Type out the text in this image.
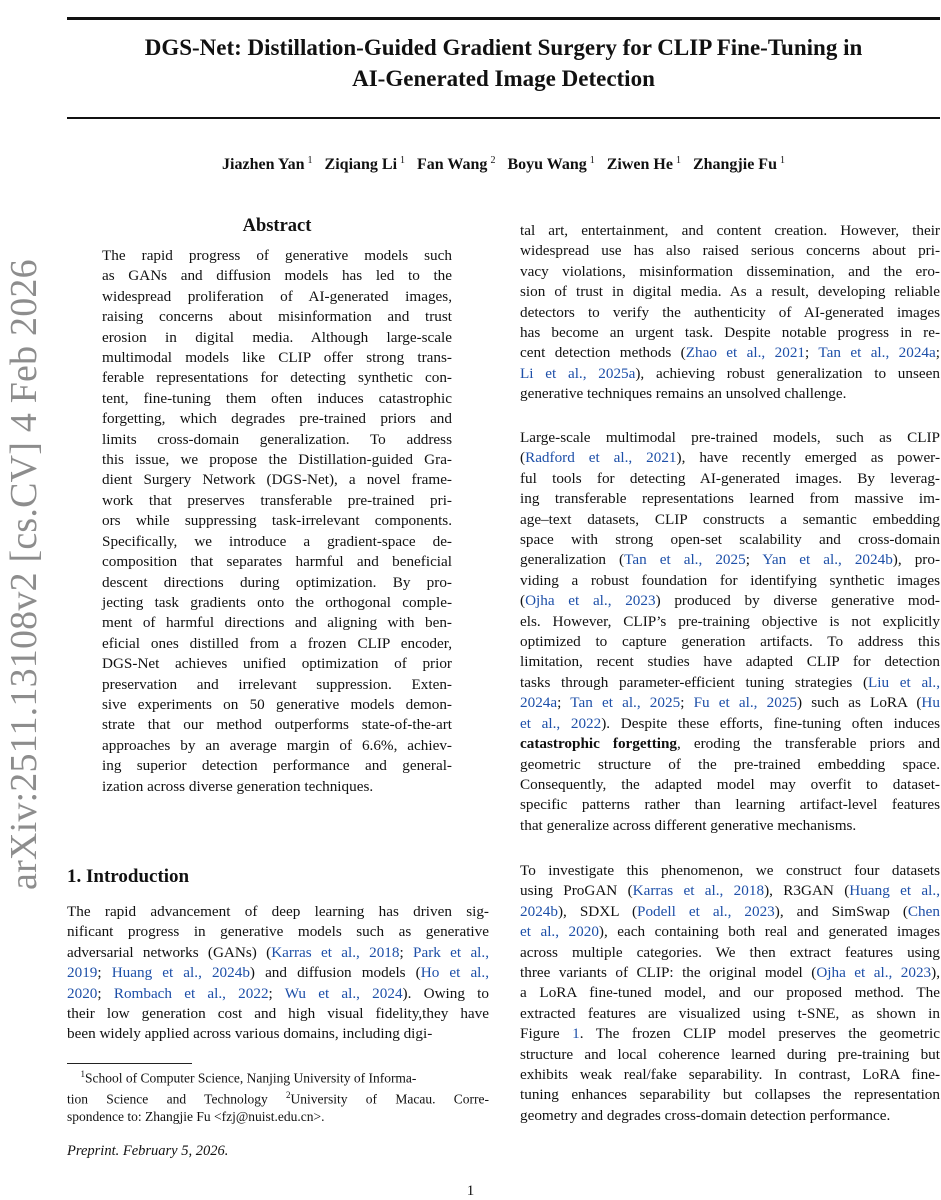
DGS-Net: Distillation-Guided Gradient Surgery for CLIP Fine-Tuning in
AI-Generated Image Detection
Jiazhen Yan $^1$ Ziqiang Li $^1$ Fan Wang $^2$ Boyu Wang $^1$ Ziwen He $^1$ Zhangjie Fu $^1$
arXiv:2511.13108v2 [cs.CV] 4 Feb 2026
Abstract
The rapid progress of generative models such
as GANs and diffusion models has led to the
widespread proliferation of AI-generated images,
raising concerns about misinformation and trust
erosion in digital media. Although large-scale
multimodal models like CLIP offer strong trans-
ferable representations for detecting synthetic con-
tent, fine-tuning them often induces catastrophic
forgetting, which degrades pre-trained priors and
limits cross-domain generalization. To address
this issue, we propose the Distillation-guided Gra-
dient Surgery Network (DGS-Net), a novel frame-
work that preserves transferable pre-trained pri-
ors while suppressing task-irrelevant components.
Specifically, we introduce a gradient-space de-
composition that separates harmful and beneficial
descent directions during optimization. By pro-
jecting task gradients onto the orthogonal comple-
ment of harmful directions and aligning with ben-
eficial ones distilled from a frozen CLIP encoder,
DGS-Net achieves unified optimization of prior
preservation and irrelevant suppression. Exten-
sive experiments on 50 generative models demon-
strate that our method outperforms state-of-the-art
approaches by an average margin of 6.6%, achiev-
ing superior detection performance and general-
ization across diverse generation techniques.
1. Introduction
The rapid advancement of deep learning has driven sig-
nificant progress in generative models such as generative
adversarial networks (GANs) (Karras et al., 2018; Park et al.,
2019; Huang et al., 2024b) and diffusion models (Ho et al.,
2020; Rombach et al., 2022; Wu et al., 2024). Owing to
their low generation cost and high visual fidelity,they have
been widely applied across various domains, including digi-
$^1$School of Computer Science, Nanjing University of Informa-
tion Science and Technology $^2$University of Macau. Corre-
spondence to: Zhangjie Fu <fzj@nuist.edu.cn>.
Preprint. February 5, 2026.
1
tal art, entertainment, and content creation. However, their
widespread use has also raised serious concerns about pri-
vacy violations, misinformation dissemination, and the ero-
sion of trust in digital media. As a result, developing reliable
detectors to verify the authenticity of AI-generated images
has become an urgent task. Despite notable progress in re-
cent detection methods (Zhao et al., 2021; Tan et al., 2024a;
Li et al., 2025a), achieving robust generalization to unseen
generative techniques remains an unsolved challenge.
Large-scale multimodal pre-trained models, such as CLIP
(Radford et al., 2021), have recently emerged as power-
ful tools for detecting AI-generated images. By leverag-
ing transferable representations learned from massive im-
age–text datasets, CLIP constructs a semantic embedding
space with strong open-set scalability and cross-domain
generalization (Tan et al., 2025; Yan et al., 2024b), pro-
viding a robust foundation for identifying synthetic images
(Ojha et al., 2023) produced by diverse generative mod-
els. However, CLIP’s pre-training objective is not explicitly
optimized to capture generation artifacts. To address this
limitation, recent studies have adapted CLIP for detection
tasks through parameter-efficient tuning strategies (Liu et al.,
2024a; Tan et al., 2025; Fu et al., 2025) such as LoRA (Hu
et al., 2022). Despite these efforts, fine-tuning often induces
catastrophic forgetting, eroding the transferable priors and
geometric structure of the pre-trained embedding space.
Consequently, the adapted model may overfit to dataset-
specific patterns rather than learning artifact-level features
that generalize across different generative mechanisms.
To investigate this phenomenon, we construct four datasets
using ProGAN (Karras et al., 2018), R3GAN (Huang et al.,
2024b), SDXL (Podell et al., 2023), and SimSwap (Chen
et al., 2020), each containing both real and generated images
across multiple categories. We then extract features using
three variants of CLIP: the original model (Ojha et al., 2023),
a LoRA fine-tuned model, and our proposed method. The
extracted features are visualized using t-SNE, as shown in
Figure 1. The frozen CLIP model preserves the geometric
structure and local coherence learned during pre-training but
exhibits weak real/fake separability. In contrast, LoRA fine-
tuning enhances separability but collapses the representation
geometry and degrades cross-domain detection performance.
